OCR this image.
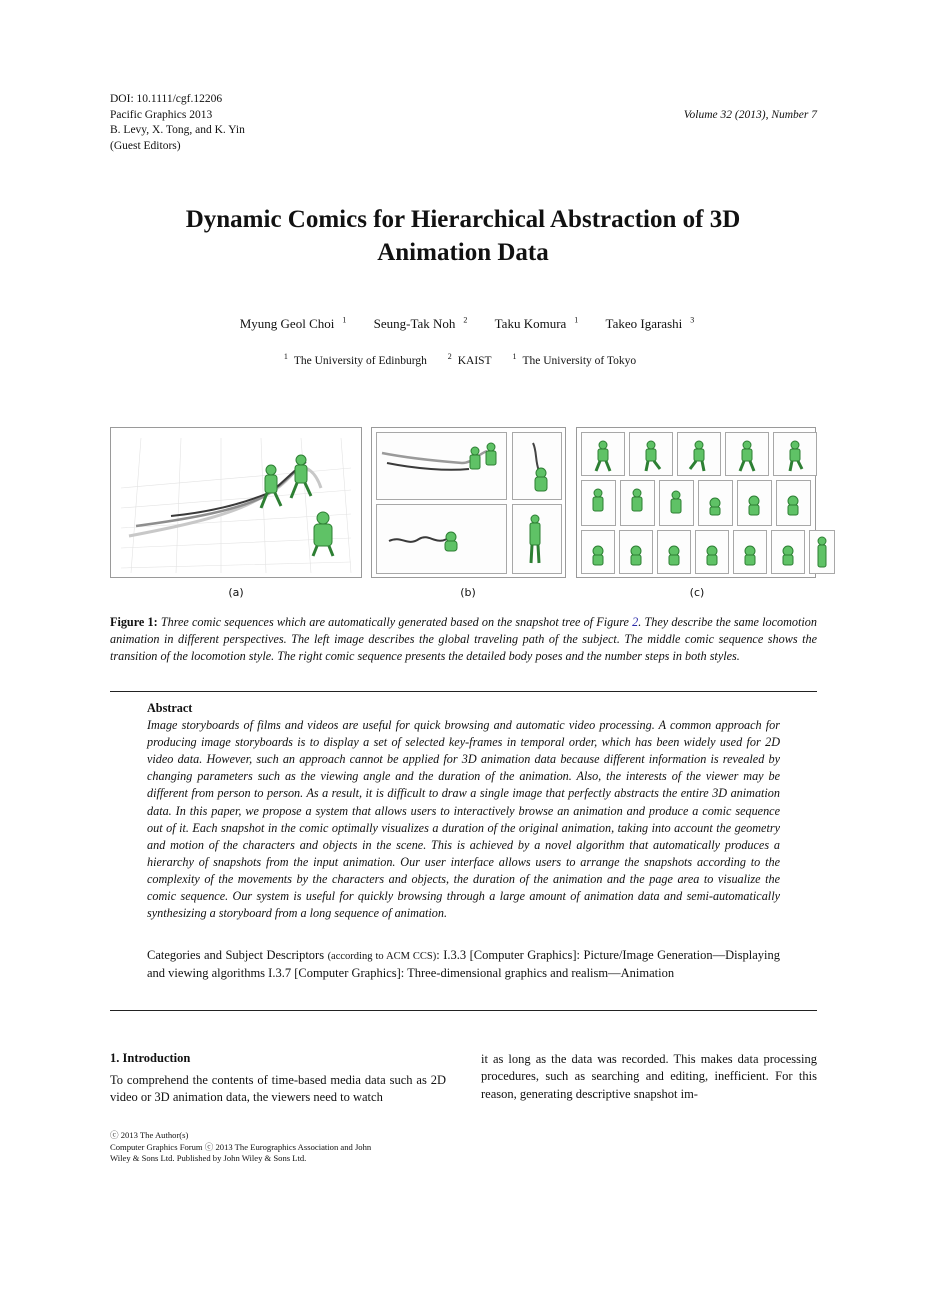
DOI: 10.1111/cgf.12206
Pacific Graphics 2013
B. Levy, X. Tong, and K. Yin
(Guest Editors)
Volume 32 (2013), Number 7
Dynamic Comics for Hierarchical Abstraction of 3D
Animation Data
Myung Geol Choi $^1$ Seung-Tak Noh $^2$ Taku Komura $^1$ Takeo Igarashi $^3$
$^1$ The University of Edinburgh	$^2$ KAIST	$^1$ The University of Tokyo
(a)	(b)	(c)
Figure 1: Three comic sequences which are automatically generated based on the snapshot tree of Figure 2. They describe the same locomotion animation in different perspectives. The left image describes the global traveling path of the subject. The middle comic sequence shows the transition of the locomotion style. The right comic sequence presents the detailed body poses and the number steps in both styles.
Abstract
Image storyboards of films and videos are useful for quick browsing and automatic video processing. A common approach for producing image storyboards is to display a set of selected key-frames in temporal order, which has been widely used for 2D video data. However, such an approach cannot be applied for 3D animation data because different information is revealed by changing parameters such as the viewing angle and the duration of the animation. Also, the interests of the viewer may be different from person to person. As a result, it is difficult to draw a single image that perfectly abstracts the entire 3D animation data. In this paper, we propose a system that allows users to interactively browse an animation and produce a comic sequence out of it. Each snapshot in the comic optimally visualizes a duration of the original animation, taking into account the geometry and motion of the characters and objects in the scene. This is achieved by a novel algorithm that automatically produces a hierarchy of snapshots from the input animation. Our user interface allows users to arrange the snapshots according to the complexity of the movements by the characters and objects, the duration of the animation and the page area to visualize the comic sequence. Our system is useful for quickly browsing through a large amount of animation data and semi-automatically synthesizing a storyboard from a long sequence of animation.
Categories and Subject Descriptors (according to ACM CCS): I.3.3 [Computer Graphics]: Picture/Image Generation—Displaying and viewing algorithms I.3.7 [Computer Graphics]: Three-dimensional graphics and realism—Animation
1. Introduction
To comprehend the contents of time-based media data such as 2D video or 3D animation data, the viewers need to watch
it as long as the data was recorded. This makes data processing procedures, such as searching and editing, inefficient. For this reason, generating descriptive snapshot im-
ⓒ 2013 The Author(s)
Computer Graphics Forum ⓒ 2013 The Eurographics Association and John
Wiley & Sons Ltd. Published by John Wiley & Sons Ltd.
